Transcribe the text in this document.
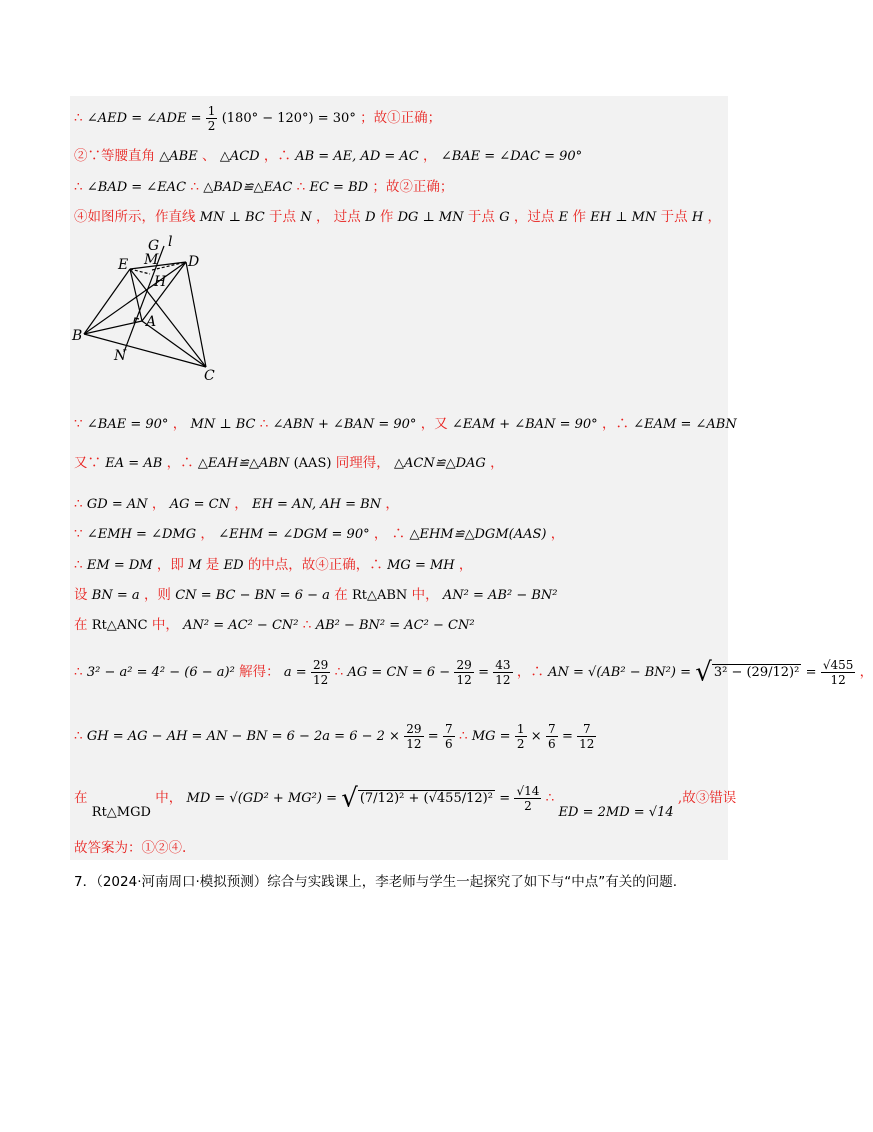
∴ ∠AED = ∠ADE = $\frac{1}{2} (180^\circ - 120^\circ) = 30^\circ$ ；故①正确；
②∵等腰直角 △ABE 、 △ACD ，∴ AB = AE, AD = AC ， ∠BAE = ∠DAC = 90°
∴ ∠BAD = ∠EAC ∴ △BAD≌△EAC ∴ EC = BD ；故②正确；
④如图所示，作直线 MN ⊥ BC 于点 N ， 过点 D 作 DG ⊥ MN 于点 G ，过点 E 作 EH ⊥ MN 于点 H ，
G l
E M D
H
A
B
N
C
∵ ∠BAE = 90° ， MN ⊥ BC ∴ ∠ABN + ∠BAN = 90° ，又 ∠EAM + ∠BAN = 90° ，∴ ∠EAM = ∠ABN
又∵ EA = AB ，∴ △EAH≌△ABN (AAS) 同理得， △ACN≌△DAG ，
∴ GD = AN ， AG = CN ， EH = AN, AH = BN ，
∵ ∠EMH = ∠DMG ， ∠EHM = ∠DGM = 90° ， ∴ △EHM≌△DGM(AAS) ，
∴ EM = DM ，即 M 是 ED 的中点，故④正确，∴ MG = MH ，
设 BN = a ，则 CN = BC − BN = 6 − a 在 Rt△ABN 中， AN² = AB² − BN²
在 Rt△ANC 中， AN² = AC² − CN² ∴ AB² − BN² = AC² − CN²
∴ 3² − a² = 4² − (6 − a)² 解得： $a = \frac{29}{12}$ ∴ AG = CN = $6 - \frac{29}{12} = \frac{43}{12}$ ，∴ AN = √(AB² − BN²) = √ $3^2 - (29/12)^2 = \frac{√455}{12}$ ，
∴ GH = AG − AH = AN − BN = $6 - 2a = 6 - 2 \times \frac{29}{12} = \frac{7}{6}$ ∴ MG = $\frac{1}{2} \times \frac{7}{6} = \frac{7}{12}$
在 Rt△MGD 中， MD = √(GD² + MG²) = √ $(7/12)^2 + (√455/12)^2 = \frac{√14}{2}$ ∴ ED = 2MD = √14 ,故③错误
故答案为：①②④.
7．（2024·河南周口·模拟预测）综合与实践课上，李老师与学生一起探究了如下与“中点”有关的问题.
